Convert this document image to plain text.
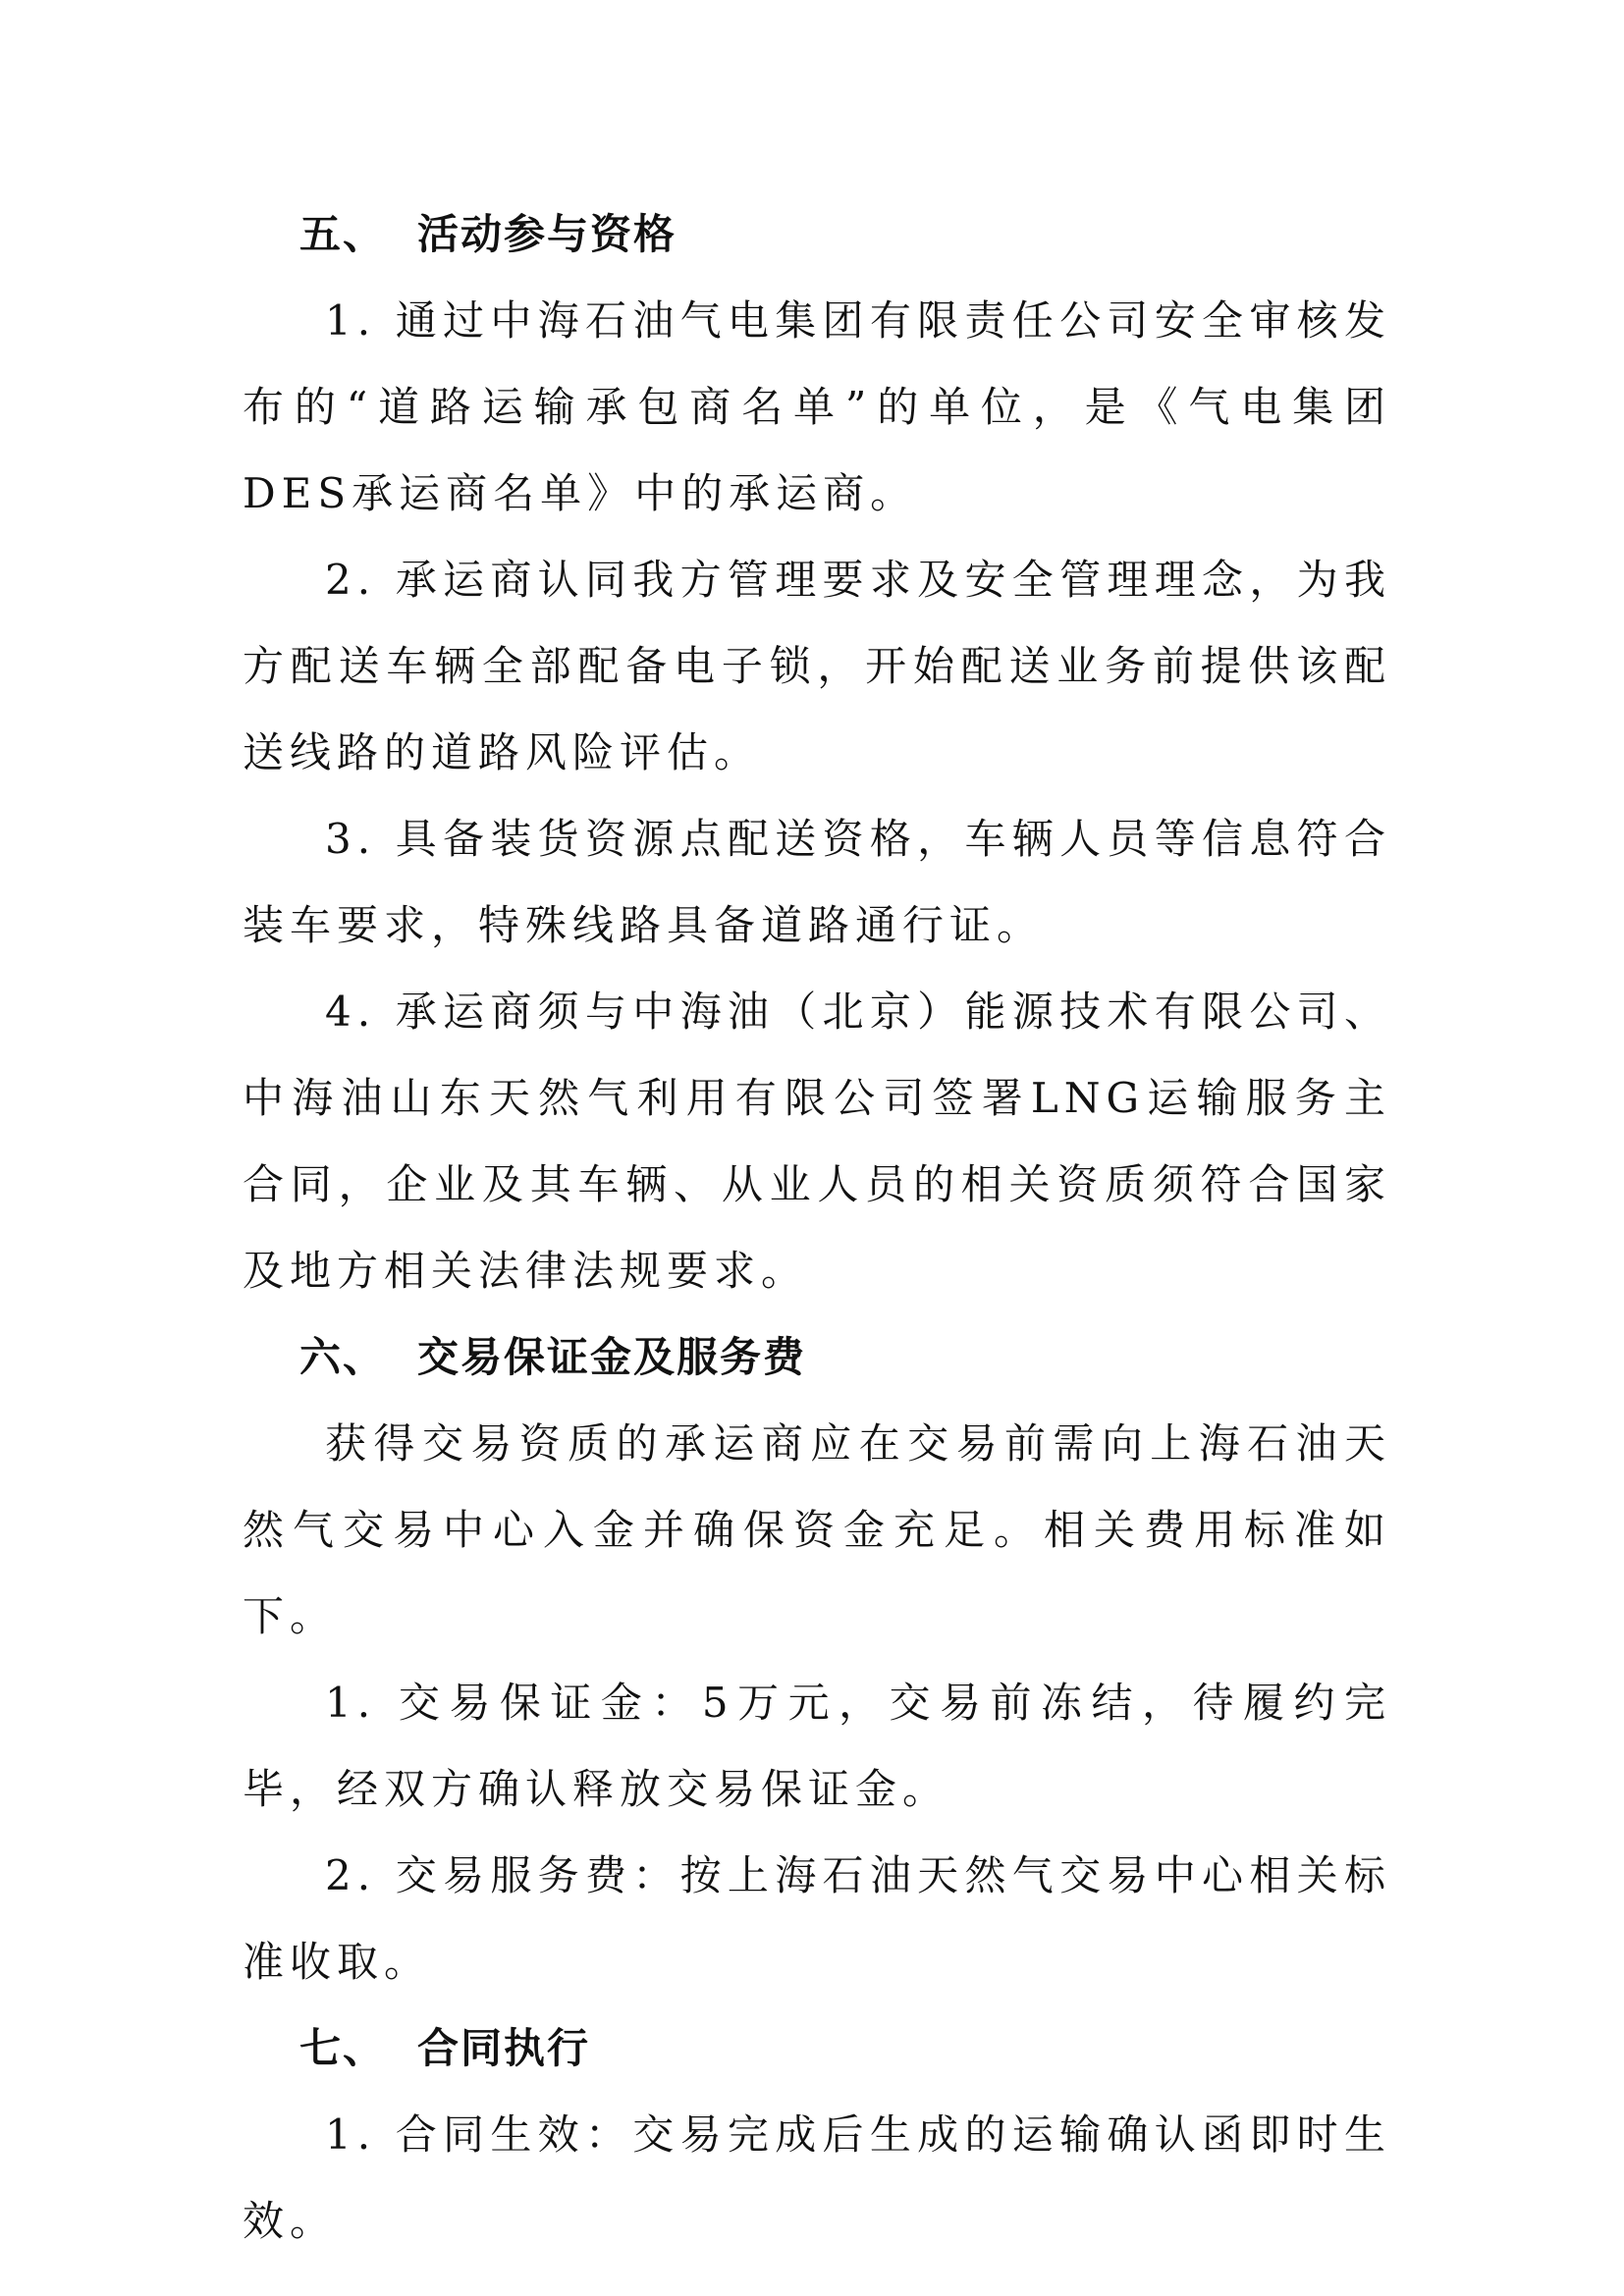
五、 活动参与资格

1. 通过中海石油气电集团有限责任公司安全审核发布的“道路运输承包商名单”的单位，是《气电集团DES承运商名单》中的承运商。

2. 承运商认同我方管理要求及安全管理理念，为我方配送车辆全部配备电子锁，开始配送业务前提供该配送线路的道路风险评估。

3. 具备装货资源点配送资格，车辆人员等信息符合装车要求，特殊线路具备道路通行证。

4. 承运商须与中海油（北京）能源技术有限公司、中海油山东天然气利用有限公司签署LNG运输服务主合同，企业及其车辆、从业人员的相关资质须符合国家及地方相关法律法规要求。

六、 交易保证金及服务费

获得交易资质的承运商应在交易前需向上海石油天然气交易中心入金并确保资金充足。相关费用标准如下。

1. 交易保证金：5万元，交易前冻结，待履约完毕，经双方确认释放交易保证金。

2. 交易服务费：按上海石油天然气交易中心相关标准收取。

七、 合同执行

1. 合同生效：交易完成后生成的运输确认函即时生效。
